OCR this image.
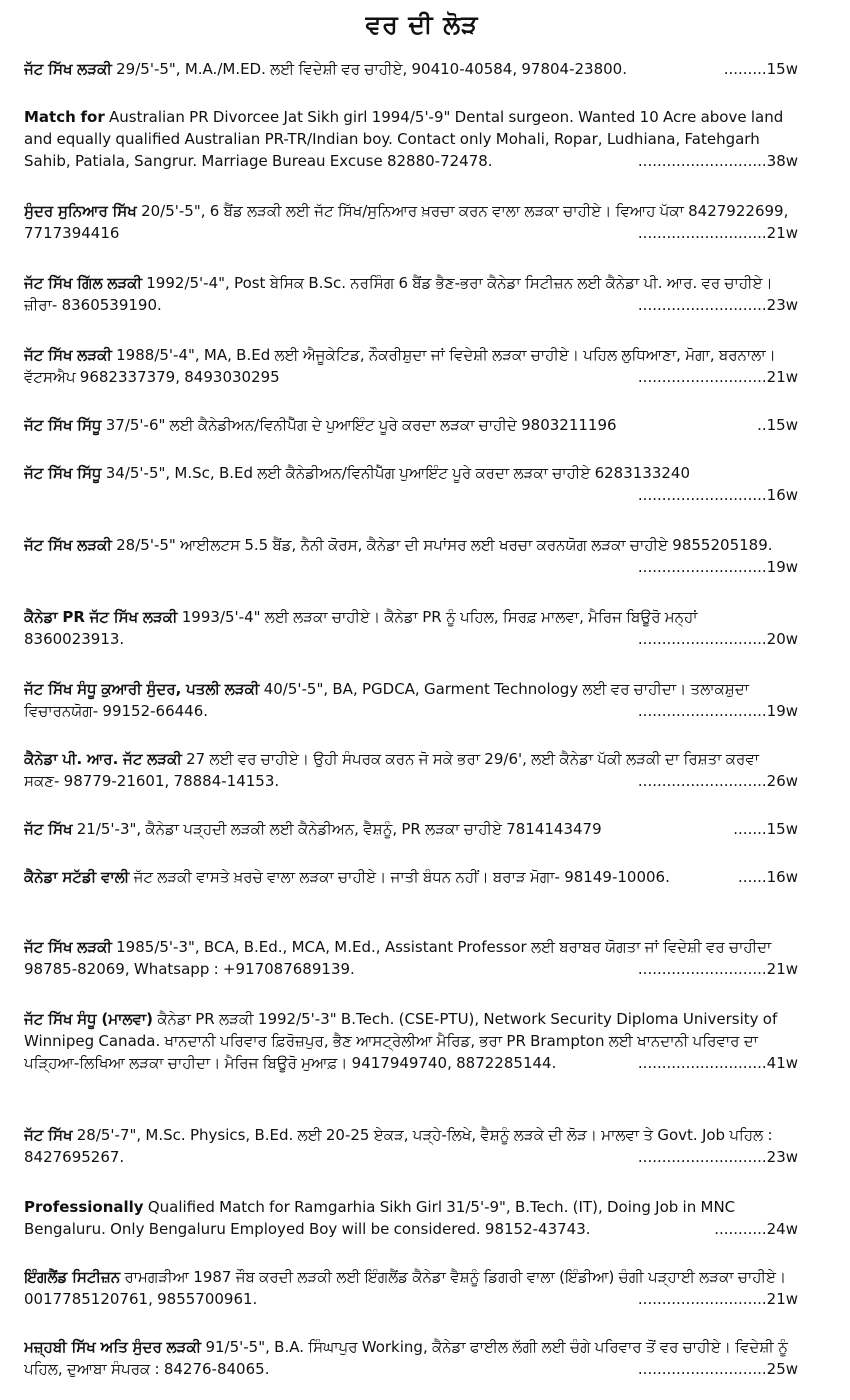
ਵਰ ਦੀ ਲੋੜ
ਜੱਟ ਸਿੱਖ ਲੜਕੀ 29/5'-5", M.A./M.ED. ਲਈ ਵਿਦੇਸ਼ੀ ਵਰ ਚਾਹੀਏ, 90410-40584, 97804-23800.	.........15w
Match for Australian PR Divorcee Jat Sikh girl 1994/5'-9" Dental surgeon. Wanted 10 Acre above land and equally qualified Australian PR-TR/Indian boy. Contact only Mohali, Ropar, Ludhiana, Fatehgarh Sahib, Patiala, Sangrur. Marriage Bureau Excuse 82880-72478.	...........................38w
ਸੁੰਦਰ ਸੁਨਿਆਰ ਸਿੱਖ 20/5'-5", 6 ਬੈਂਡ ਲੜਕੀ ਲਈ ਜੱਟ ਸਿੱਖ/ਸੁਨਿਆਰ ਖ਼ਰਚਾ ਕਰਨ ਵਾਲਾ ਲੜਕਾ ਚਾਹੀਏ। ਵਿਆਹ ਪੱਕਾ 8427922699, 7717394416	...........................21w
ਜੱਟ ਸਿੱਖ ਗਿੱਲ ਲੜਕੀ 1992/5'-4", Post ਬੇਸਿਕ B.Sc. ਨਰਸਿੰਗ 6 ਬੈਂਡ ਭੈਣ-ਭਰਾ ਕੈਨੇਡਾ ਸਿਟੀਜ਼ਨ ਲਈ ਕੈਨੇਡਾ ਪੀ. ਆਰ. ਵਰ ਚਾਹੀਏ। ਜ਼ੀਰਾ- 8360539190.	...........................23w
ਜੱਟ ਸਿੱਖ ਲੜਕੀ 1988/5'-4", MA, B.Ed ਲਈ ਐਜੂਕੇਟਿਡ, ਨੌਕਰੀਸ਼ੁਦਾ ਜਾਂ ਵਿਦੇਸ਼ੀ ਲੜਕਾ ਚਾਹੀਏ। ਪਹਿਲ ਲੁਧਿਆਣਾ, ਮੋਗਾ, ਬਰਨਾਲਾ। ਵੱਟਸਐਪ 9682337379, 8493030295	...........................21w
ਜੱਟ ਸਿੱਖ ਸਿੱਧੂ 37/5'-6" ਲਈ ਕੈਨੇਡੀਅਨ/ਵਿਨੀਪੈੱਗ ਦੇ ਪੁਆਇੰਟ ਪੂਰੇ ਕਰਦਾ ਲੜਕਾ ਚਾਹੀਦੇ 9803211196	..15w
ਜੱਟ ਸਿੱਖ ਸਿੱਧੂ 34/5'-5", M.Sc, B.Ed ਲਈ ਕੈਨੇਡੀਅਨ/ਵਿਨੀਪੈੱਗ ਪੁਆਇੰਟ ਪੂਰੇ ਕਰਦਾ ਲੜਕਾ ਚਾਹੀਏ 6283133240
...........................16w
ਜੱਟ ਸਿੱਖ ਲੜਕੀ 28/5'-5" ਆਈਲਟਸ 5.5 ਬੈਂਡ, ਨੈਨੀ ਕੋਰਸ, ਕੈਨੇਡਾ ਦੀ ਸਪਾਂਸਰ ਲਈ ਖਰਚਾ ਕਰਨਯੋਗ ਲੜਕਾ ਚਾਹੀਏ 9855205189.
...........................19w
ਕੈਨੇਡਾ PR ਜੱਟ ਸਿੱਖ ਲੜਕੀ 1993/5'-4" ਲਈ ਲੜਕਾ ਚਾਹੀਏ। ਕੈਨੇਡਾ PR ਨੂੰ ਪਹਿਲ, ਸਿਰਫ਼ ਮਾਲਵਾ, ਮੈਰਿਜ ਬਿਊਰੋ ਮਨ੍ਹਾਂ 8360023913.	...........................20w
ਜੱਟ ਸਿੱਖ ਸੰਧੂ ਕੁਆਰੀ ਸੁੰਦਰ, ਪਤਲੀ ਲੜਕੀ 40/5'-5", BA, PGDCA, Garment Technology ਲਈ ਵਰ ਚਾਹੀਦਾ। ਤਲਾਕਸ਼ੁਦਾ ਵਿਚਾਰਨਯੋਗ- 99152-66446.	...........................19w
ਕੈਨੇਡਾ ਪੀ. ਆਰ. ਜੱਟ ਲੜਕੀ 27 ਲਈ ਵਰ ਚਾਹੀਏ। ਉਹੀ ਸੰਪਰਕ ਕਰਨ ਜੋ ਸਕੇ ਭਰਾ 29/6', ਲਈ ਕੈਨੇਡਾ ਪੱਕੀ ਲੜਕੀ ਦਾ ਰਿਸ਼ਤਾ ਕਰਵਾ ਸਕਣ- 98779-21601, 78884-14153.	...........................26w
ਜੱਟ ਸਿੱਖ 21/5'-3", ਕੈਨੇਡਾ ਪੜ੍ਹਦੀ ਲੜਕੀ ਲਈ ਕੈਨੇਡੀਅਨ, ਵੈਸ਼ਨੂੰ, PR ਲੜਕਾ ਚਾਹੀਏ 7814143479	.......15w
ਕੈਨੇਡਾ ਸਟੱਡੀ ਵਾਲੀ ਜੱਟ ਲੜਕੀ ਵਾਸਤੇ ਖ਼ਰਚੇ ਵਾਲਾ ਲੜਕਾ ਚਾਹੀਏ। ਜਾਤੀ ਬੰਧਨ ਨਹੀਂ। ਬਰਾੜ ਮੋਗਾ- 98149-10006.	......16w
ਜੱਟ ਸਿੱਖ ਲੜਕੀ 1985/5'-3", BCA, B.Ed., MCA, M.Ed., Assistant Professor ਲਈ ਬਰਾਬਰ ਯੋਗਤਾ ਜਾਂ ਵਿਦੇਸ਼ੀ ਵਰ ਚਾਹੀਦਾ 98785-82069, Whatsapp : +917087689139.	...........................21w
ਜੱਟ ਸਿੱਖ ਸੰਧੂ (ਮਾਲਵਾ) ਕੈਨੇਡਾ PR ਲੜਕੀ 1992/5'-3" B.Tech. (CSE-PTU), Network Security Diploma University of Winnipeg Canada. ਖਾਨਦਾਨੀ ਪਰਿਵਾਰ ਫ਼ਿਰੋਜ਼ਪੁਰ, ਭੈਣ ਆਸਟ੍ਰੇਲੀਆ ਮੈਰਿਡ, ਭਰਾ PR Brampton ਲਈ ਖਾਨਦਾਨੀ ਪਰਿਵਾਰ ਦਾ ਪੜ੍ਹਿਆ-ਲਿਖਿਆ ਲੜਕਾ ਚਾਹੀਦਾ। ਮੈਰਿਜ ਬਿਊਰੋ ਮੁਆਫ਼। 9417949740, 8872285144.	...........................41w
ਜੱਟ ਸਿੱਖ 28/5'-7", M.Sc. Physics, B.Ed. ਲਈ 20-25 ਏਕੜ, ਪੜ੍ਹੇ-ਲਿਖੇ, ਵੈਸ਼ਨੂੰ ਲੜਕੇ ਦੀ ਲੋੜ। ਮਾਲਵਾ ਤੇ Govt. Job ਪਹਿਲ : 8427695267.	...........................23w
Professionally Qualified Match for Ramgarhia Sikh Girl 31/5'-9", B.Tech. (IT), Doing Job in MNC Bengaluru. Only Bengaluru Employed Boy will be considered. 98152-43743.	...........24w
ਇੰਗਲੈਂਡ ਸਿਟੀਜ਼ਨ ਰਾਮਗੜੀਆ 1987 ਜੌਬ ਕਰਦੀ ਲੜਕੀ ਲਈ ਇੰਗਲੈਂਡ ਕੈਨੇਡਾ ਵੈਸ਼ਨੂੰ ਡਿਗਰੀ ਵਾਲਾ (ਇੰਡੀਆ) ਚੰਗੀ ਪੜ੍ਹਾਈ ਲੜਕਾ ਚਾਹੀਏ। 0017785120761, 9855700961.	...........................21w
ਮਜ਼੍ਹਬੀ ਸਿੱਖ ਅਤਿ ਸੁੰਦਰ ਲੜਕੀ 91/5'-5", B.A. ਸਿੰਘਾਪੁਰ Working, ਕੈਨੇਡਾ ਫਾਈਲ ਲੱਗੀ ਲਈ ਚੰਗੇ ਪਰਿਵਾਰ ਤੋਂ ਵਰ ਚਾਹੀਏ। ਵਿਦੇਸ਼ੀ ਨੂੰ ਪਹਿਲ, ਦੁਆਬਾ ਸੰਪਰਕ : 84276-84065.	...........................25w
